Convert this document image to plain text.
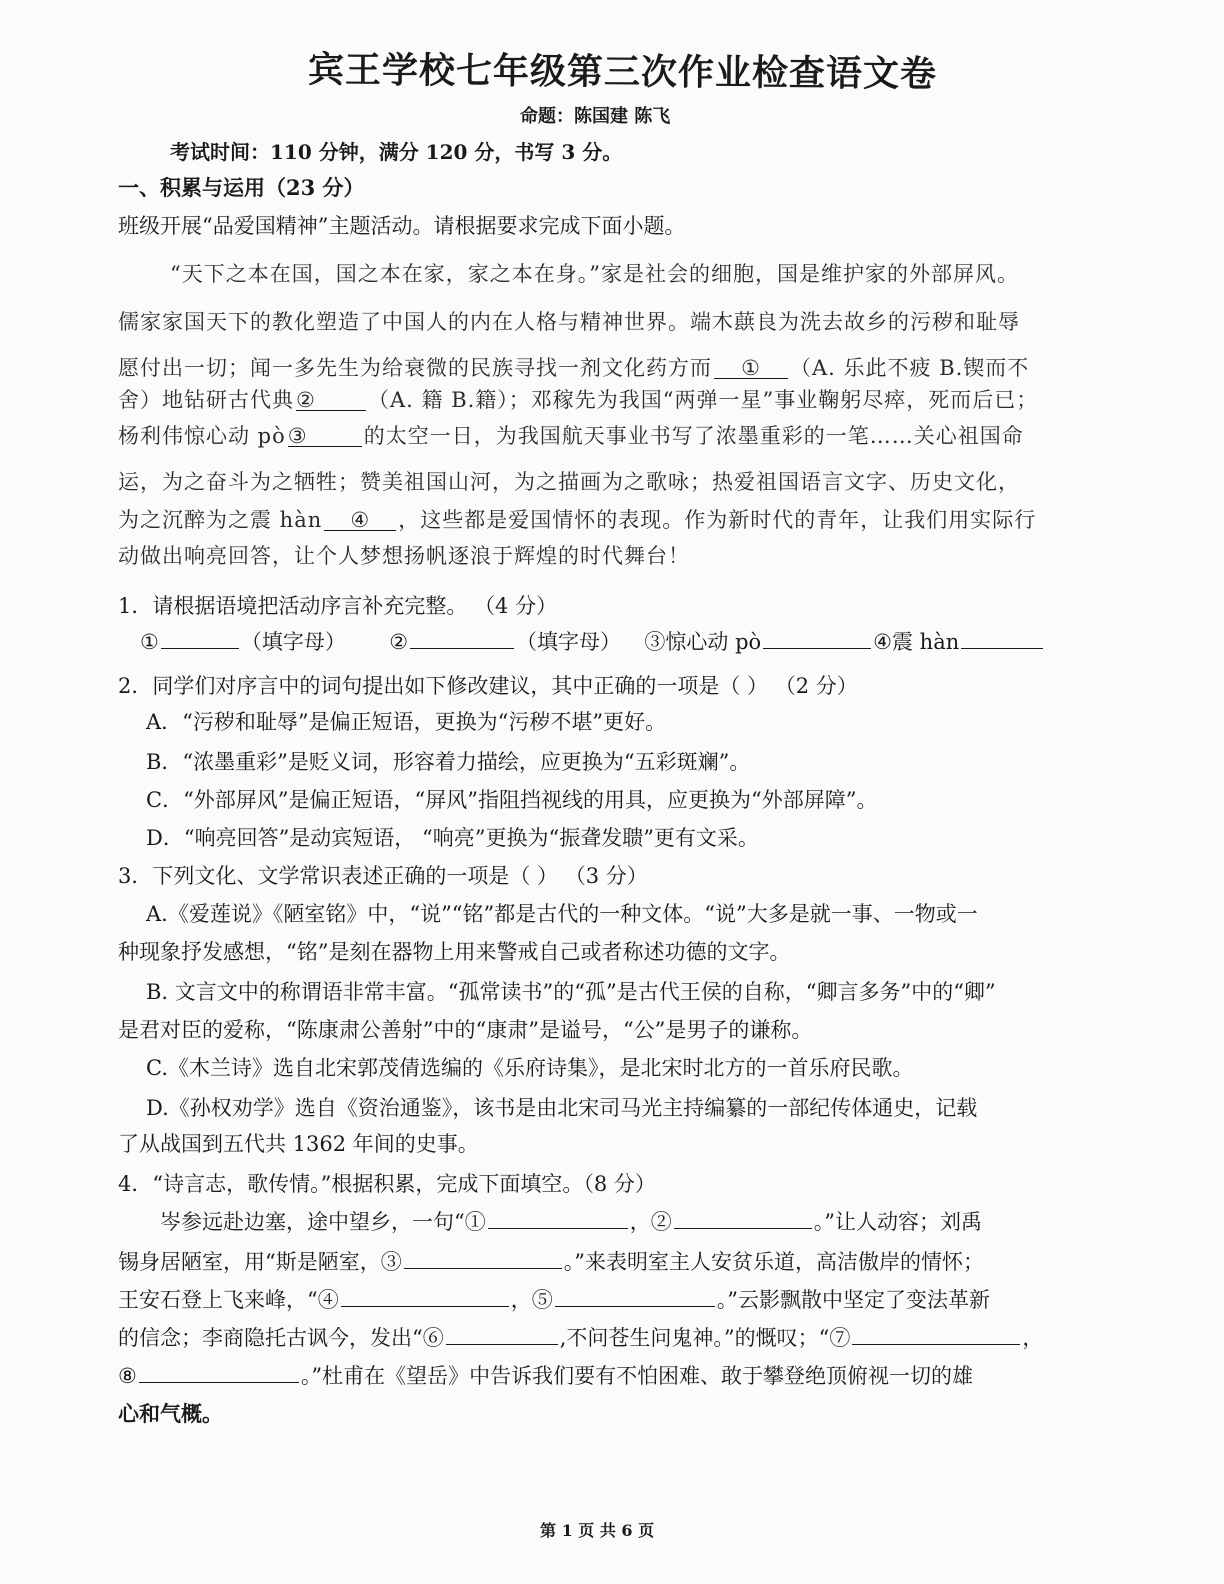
宾王学校七年级第三次作业检查语文卷
命题：陈国建 陈飞
考试时间：110 分钟，满分 120 分，书写 3 分。
一、积累与运用（23 分）
班级开展“品爱国精神”主题活动。请根据要求完成下面小题。
“天下之本在国，国之本在家，家之本在身。”家是社会的细胞，国是维护家的外部屏风。
儒家家国天下的教化塑造了中国人的内在人格与精神世界。端木蕻良为洗去故乡的污秽和耻辱
愿付出一切；闻一多先生为给衰微的民族寻找一剂文化药方而 ① （A. 乐此不疲 B.锲而不
舍）地钻研古代典② （A. 籍 B.籍）；邓稼先为我国“两弹一星”事业鞠躬尽瘁，死而后已；
杨利伟惊心动 pò③	的太空一日，为我国航天事业书写了浓墨重彩的一笔……关心祖国命
运，为之奋斗为之牺牲；赞美祖国山河，为之描画为之歌咏；热爱祖国语言文字、历史文化，
为之沉醉为之震 hàn ④ ，这些都是爱国情怀的表现。作为新时代的青年，让我们用实际行
动做出响亮回答，让个人梦想扬帆逐浪于辉煌的时代舞台！
1．请根据语境把活动序言补充完整。 （4 分）
①	（填字母） ②	（填字母） ③惊心动 pò	④震 hàn
2．同学们对序言中的词句提出如下修改建议，其中正确的一项是（ ） （2 分）
A．“污秽和耻辱”是偏正短语，更换为“污秽不堪”更好。
B．“浓墨重彩”是贬义词，形容着力描绘，应更换为“五彩斑斓”。
C．“外部屏风”是偏正短语，“屏风”指阻挡视线的用具，应更换为“外部屏障”。
D．“响亮回答”是动宾短语， “响亮”更换为“振聋发聩”更有文采。
3．下列文化、文学常识表述正确的一项是（ ） （3 分）
A.《爱莲说》《陋室铭》中，“说”“铭”都是古代的一种文体。“说”大多是就一事、一物或一
种现象抒发感想，“铭”是刻在器物上用来警戒自己或者称述功德的文字。
B. 文言文中的称谓语非常丰富。“孤常读书”的“孤”是古代王侯的自称，“卿言多务”中的“卿”
是君对臣的爱称，“陈康肃公善射”中的“康肃”是谥号，“公”是男子的谦称。
C.《木兰诗》选自北宋郭茂倩选编的《乐府诗集》，是北宋时北方的一首乐府民歌。
D.《孙权劝学》选自《资治通鉴》，该书是由北宋司马光主持编纂的一部纪传体通史，记载
了从战国到五代共 1362 年间的史事。
4．“诗言志，歌传情。”根据积累，完成下面填空。（8 分）
岑参远赴边塞，途中望乡，一句“①	，②	。”让人动容；刘禹
锡身居陋室，用“斯是陋室，③	。”来表明室主人安贫乐道，高洁傲岸的情怀；
王安石登上飞来峰，“④	，⑤	。”云影飘散中坚定了变法革新
的信念；李商隐托古讽今，发出“⑥	,不问苍生问鬼神。”的慨叹；“⑦	，
⑧	。”杜甫在《望岳》中告诉我们要有不怕困难、敢于攀登绝顶俯视一切的雄
心和气概。
第 1 页 共 6 页
